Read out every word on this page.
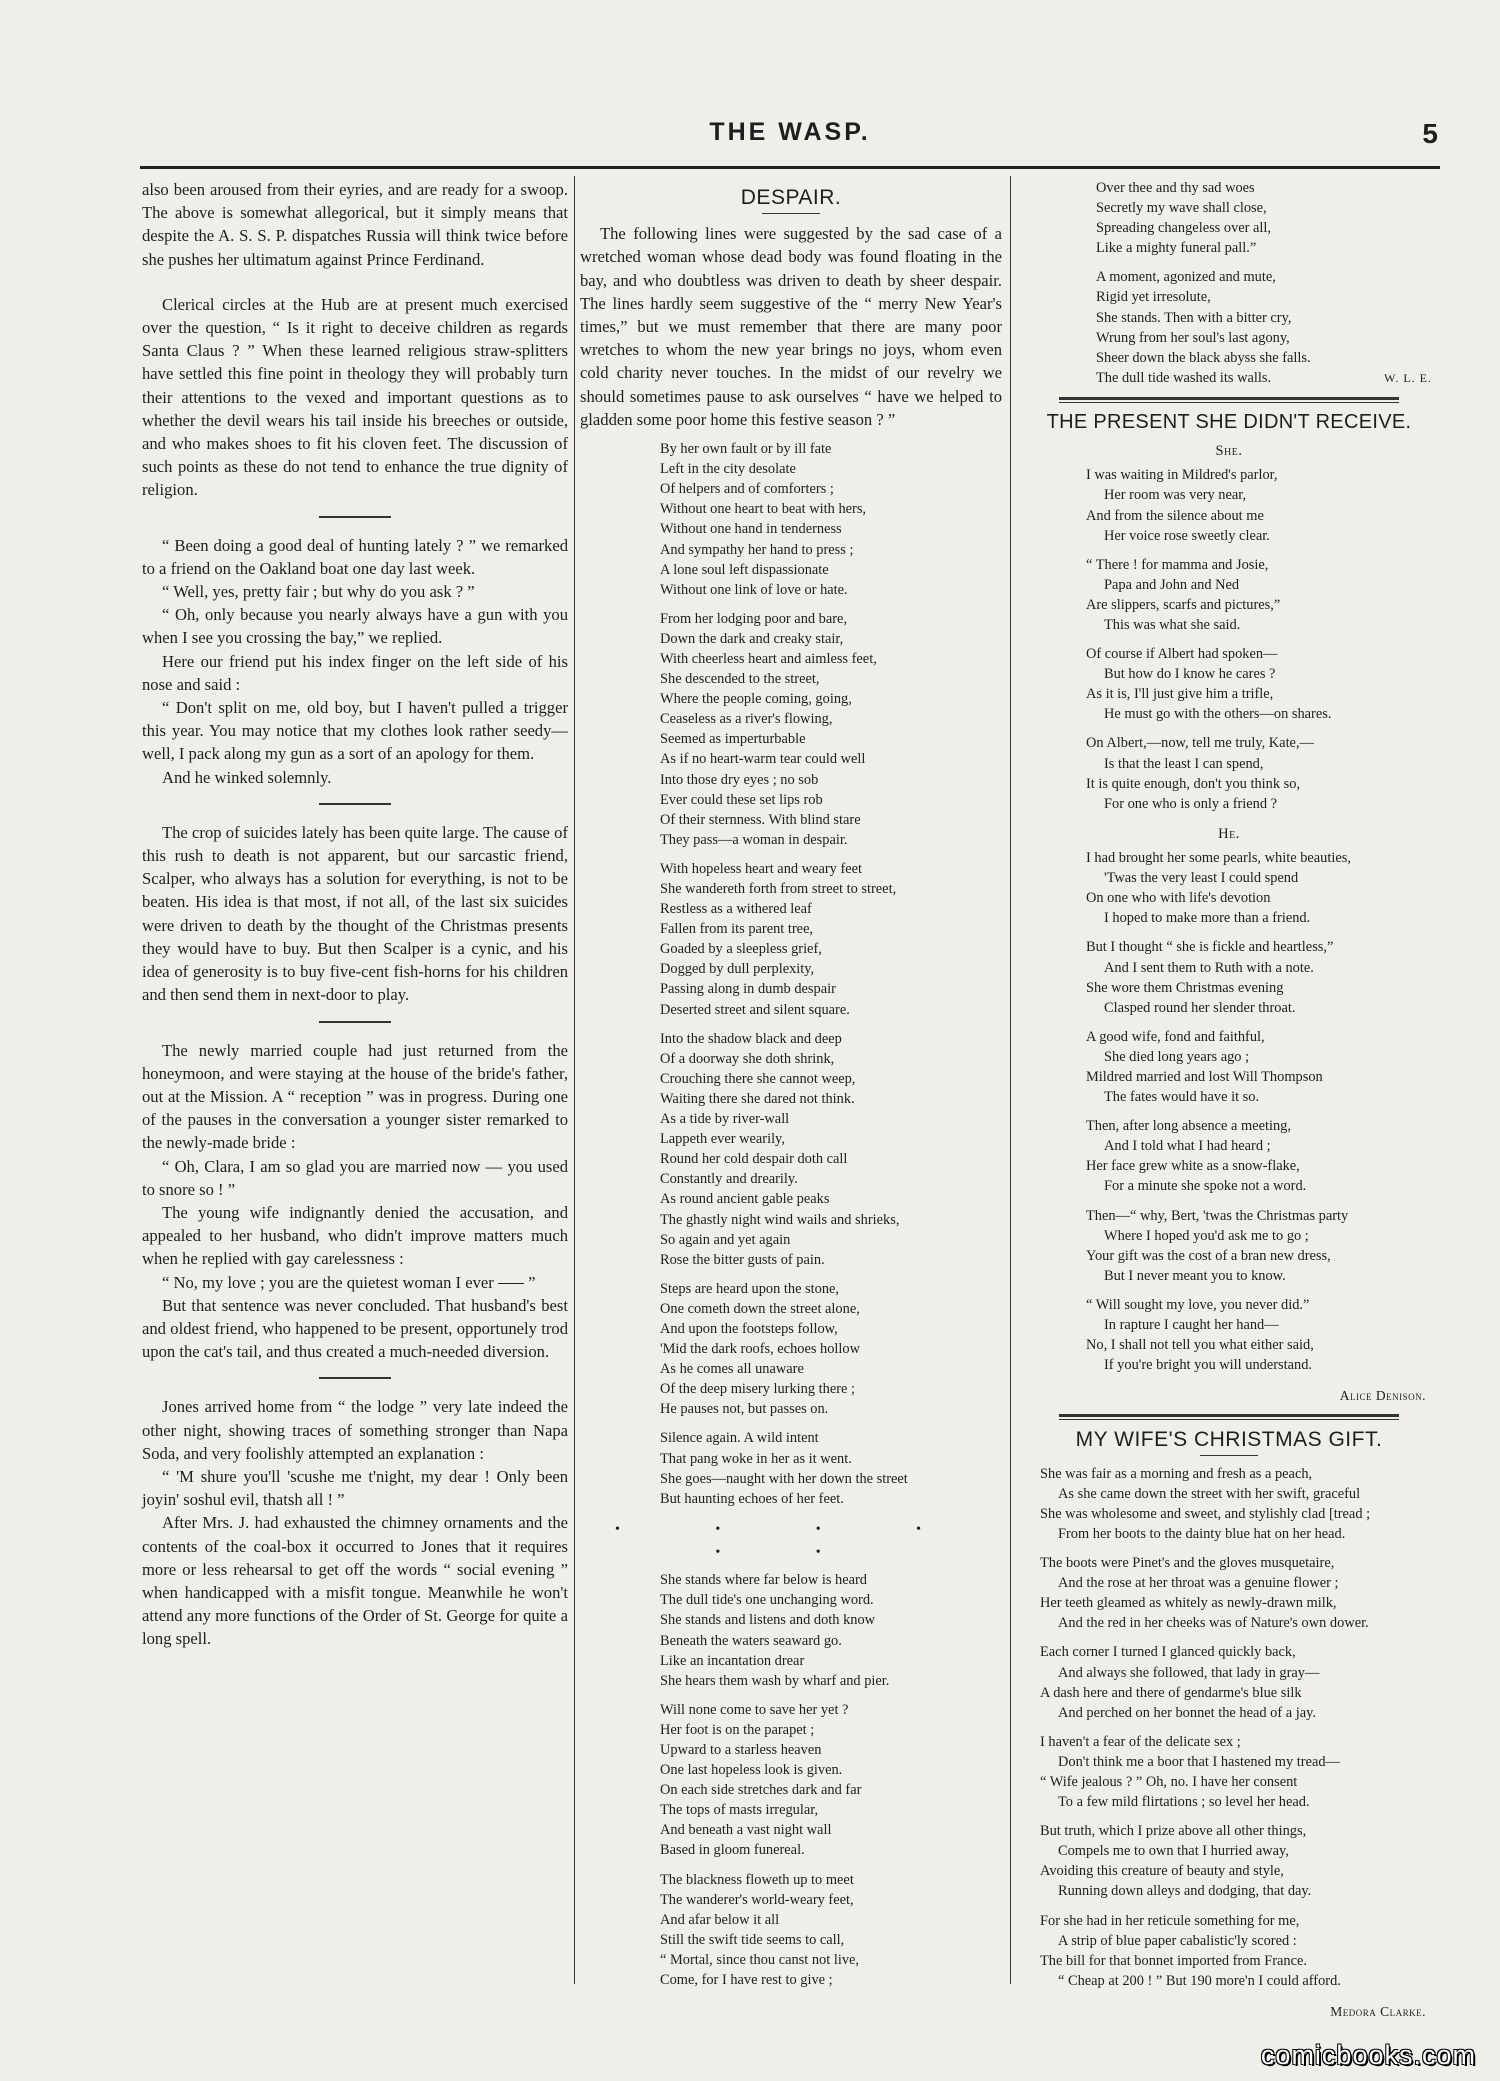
THE WASP.	5

also been aroused from their eyries, and are ready for a swoop. The above is somewhat allegorical, but it simply means that despite the A. S. S. P. dispatches Russia will think twice before she pushes her ultimatum against Prince Ferdinand.

Clerical circles at the Hub are at present much exercised over the question, “ Is it right to deceive children as regards Santa Claus ? ” When these learned religious straw-splitters have settled this fine point in theology they will probably turn their attentions to the vexed and important questions as to whether the devil wears his tail inside his breeches or outside, and who makes shoes to fit his cloven feet. The discussion of such points as these do not tend to enhance the true dignity of religion.

“ Been doing a good deal of hunting lately ? ” we remarked to a friend on the Oakland boat one day last week.

“ Well, yes, pretty fair ; but why do you ask ? ”

“ Oh, only because you nearly always have a gun with you when I see you crossing the bay,” we replied.

Here our friend put his index finger on the left side of his nose and said :

“ Don't split on me, old boy, but I haven't pulled a trigger this year. You may notice that my clothes look rather seedy—well, I pack along my gun as a sort of an apology for them.

And he winked solemnly.

The crop of suicides lately has been quite large. The cause of this rush to death is not apparent, but our sarcastic friend, Scalper, who always has a solution for everything, is not to be beaten. His idea is that most, if not all, of the last six suicides were driven to death by the thought of the Christmas presents they would have to buy. But then Scalper is a cynic, and his idea of generosity is to buy five-cent fish-horns for his children and then send them in next-door to play.

The newly married couple had just returned from the honeymoon, and were staying at the house of the bride's father, out at the Mission. A “ reception ” was in progress. During one of the pauses in the conversation a younger sister remarked to the newly-made bride :

“ Oh, Clara, I am so glad you are married now — you used to snore so ! ”

The young wife indignantly denied the accusation, and appealed to her husband, who didn't improve matters much when he replied with gay carelessness :

“ No, my love ; you are the quietest woman I ever ”

But that sentence was never concluded. That husband's best and oldest friend, who happened to be present, opportunely trod upon the cat's tail, and thus created a much-needed diversion.

Jones arrived home from “ the lodge ” very late indeed the other night, showing traces of something stronger than Napa Soda, and very foolishly attempted an explanation :

“ 'M shure you'll 'scushe me t'night, my dear ! Only been joyin' soshul evil, thatsh all ! ”

After Mrs. J. had exhausted the chimney ornaments and the contents of the coal-box it occurred to Jones that it requires more or less rehearsal to get off the words “ social evening ” when handicapped with a misfit tongue. Meanwhile he won't attend any more functions of the Order of St. George for quite a long spell.

DESPAIR.

The following lines were suggested by the sad case of a wretched woman whose dead body was found floating in the bay, and who doubtless was driven to death by sheer despair. The lines hardly seem suggestive of the “ merry New Year's times,” but we must remember that there are many poor wretches to whom the new year brings no joys, whom even cold charity never touches. In the midst of our revelry we should sometimes pause to ask ourselves “ have we helped to gladden some poor home this festive season ? ”

By her own fault or by ill fate
Left in the city desolate
Of helpers and of comforters ;
Without one heart to beat with hers,
Without one hand in tenderness
And sympathy her hand to press ;
A lone soul left dispassionate
Without one link of love or hate.
From her lodging poor and bare,
Down the dark and creaky stair,
With cheerless heart and aimless feet,
She descended to the street,
Where the people coming, going,
Ceaseless as a river's flowing,
Seemed as imperturbable
As if no heart-warm tear could well
Into those dry eyes ; no sob
Ever could these set lips rob
Of their sternness. With blind stare
They pass—a woman in despair.
With hopeless heart and weary feet
She wandereth forth from street to street,
Restless as a withered leaf
Fallen from its parent tree,
Goaded by a sleepless grief,
Dogged by dull perplexity,
Passing along in dumb despair
Deserted street and silent square.
Into the shadow black and deep
Of a doorway she doth shrink,
Crouching there she cannot weep,
Waiting there she dared not think.
As a tide by river-wall
Lappeth ever wearily,
Round her cold despair doth call
Constantly and drearily.
As round ancient gable peaks
The ghastly night wind wails and shrieks,
So again and yet again
Rose the bitter gusts of pain.
Steps are heard upon the stone,
One cometh down the street alone,
And upon the footsteps follow,
'Mid the dark roofs, echoes hollow
As he comes all unaware
Of the deep misery lurking there ;
He pauses not, but passes on.
Silence again. A wild intent
That pang woke in her as it went.
She goes—naught with her down the street
But haunting echoes of her feet.
• • • • • •
She stands where far below is heard
The dull tide's one unchanging word.
She stands and listens and doth know
Beneath the waters seaward go.
Like an incantation drear
She hears them wash by wharf and pier.
Will none come to save her yet ?
Her foot is on the parapet ;
Upward to a starless heaven
One last hopeless look is given.
On each side stretches dark and far
The tops of masts irregular,
And beneath a vast night wall
Based in gloom funereal.
The blackness floweth up to meet
The wanderer's world-weary feet,
And afar below it all
Still the swift tide seems to call,
“ Mortal, since thou canst not live,
Come, for I have rest to give ;
Over thee and thy sad woes
Secretly my wave shall close,
Spreading changeless over all,
Like a mighty funeral pall.”
A moment, agonized and mute,
Rigid yet irresolute,
She stands. Then with a bitter cry,
Wrung from her soul's last agony,
Sheer down the black abyss she falls.
The dull tide washed its walls.	W. L. E.
THE PRESENT SHE DIDN'T RECEIVE.
She.
I was waiting in Mildred's parlor,
Her room was very near,
And from the silence about me
Her voice rose sweetly clear.
“ There ! for mamma and Josie,
Papa and John and Ned
Are slippers, scarfs and pictures,”
This was what she said.
Of course if Albert had spoken—
But how do I know he cares ?
As it is, I'll just give him a trifle,
He must go with the others—on shares.
On Albert,—now, tell me truly, Kate,—
Is that the least I can spend,
It is quite enough, don't you think so,
For one who is only a friend ?
He.
I had brought her some pearls, white beauties,
'Twas the very least I could spend
On one who with life's devotion
I hoped to make more than a friend.
But I thought “ she is fickle and heartless,”
And I sent them to Ruth with a note.
She wore them Christmas evening
Clasped round her slender throat.
A good wife, fond and faithful,
She died long years ago ;
Mildred married and lost Will Thompson
The fates would have it so.
Then, after long absence a meeting,
And I told what I had heard ;
Her face grew white as a snow-flake,
For a minute she spoke not a word.
Then—“ why, Bert, 'twas the Christmas party
Where I hoped you'd ask me to go ;
Your gift was the cost of a bran new dress,
But I never meant you to know.
“ Will sought my love, you never did.”
In rapture I caught her hand—
No, I shall not tell you what either said,
If you're bright you will understand.
Alice Denison.
MY WIFE'S CHRISTMAS GIFT.
She was fair as a morning and fresh as a peach,
As she came down the street with her swift, graceful
She was wholesome and sweet, and stylishly clad [tread ;
From her boots to the dainty blue hat on her head.
The boots were Pinet's and the gloves musquetaire,
And the rose at her throat was a genuine flower ;
Her teeth gleamed as whitely as newly-drawn milk,
And the red in her cheeks was of Nature's own dower.
Each corner I turned I glanced quickly back,
And always she followed, that lady in gray—
A dash here and there of gendarme's blue silk
And perched on her bonnet the head of a jay.
I haven't a fear of the delicate sex ;
Don't think me a boor that I hastened my tread—
“ Wife jealous ? ” Oh, no. I have her consent
To a few mild flirtations ; so level her head.
But truth, which I prize above all other things,
Compels me to own that I hurried away,
Avoiding this creature of beauty and style,
Running down alleys and dodging, that day.
For she had in her reticule something for me,
A strip of blue paper cabalistic'ly scored :
The bill for that bonnet imported from France.
“ Cheap at 200 ! ” But 190 more'n I could afford.
Medora Clarke.
comicbooks.com
